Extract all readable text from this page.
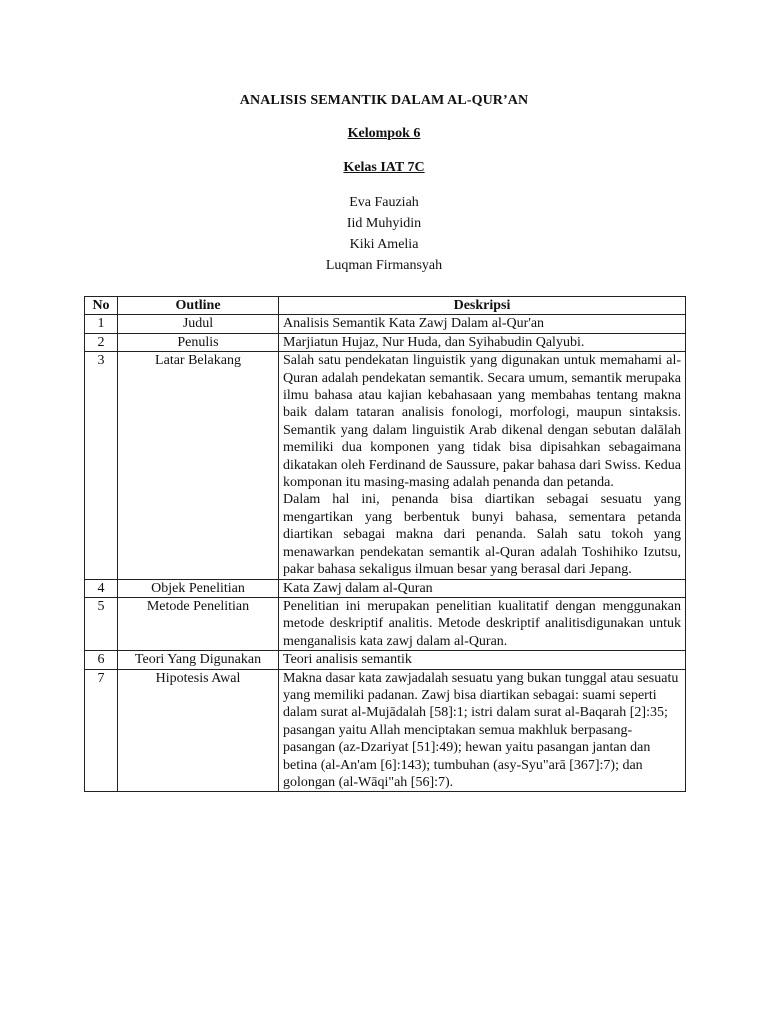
ANALISIS SEMANTIK DALAM AL-QUR’AN
Kelompok 6
Kelas IAT 7C
Eva Fauziah
Iid Muhyidin
Kiki Amelia
Luqman Firmansyah
No	Outline	Deskripsi
1	Judul	Analisis Semantik Kata Zawj Dalam al-Qur'an
2	Penulis	Marjiatun Hujaz, Nur Huda, dan Syihabudin Qalyubi.
3	Latar Belakang	Salah satu pendekatan linguistik yang digunakan untuk memahami al-Quran adalah pendekatan semantik. Secara umum, semantik merupaka ilmu bahasa atau kajian kebahasaan yang membahas tentang makna baik dalam tataran analisis fonologi, morfologi, maupun sintaksis. Semantik yang dalam linguistik Arab dikenal dengan sebutan dalālah memiliki dua komponen yang tidak bisa dipisahkan sebagaimana dikatakan oleh Ferdinand de Saussure, pakar bahasa dari Swiss. Kedua komponan itu masing-masing adalah penanda dan petanda.

Dalam hal ini, penanda bisa diartikan sebagai sesuatu yang mengartikan yang berbentuk bunyi bahasa, sementara petanda diartikan sebagai makna dari penanda. Salah satu tokoh yang menawarkan pendekatan semantik al-Quran adalah Toshihiko Izutsu, pakar bahasa sekaligus ilmuan besar yang berasal dari Jepang.

4	Objek Penelitian	Kata Zawj dalam al-Quran
5	Metode Penelitian	Penelitian ini merupakan penelitian kualitatif dengan menggunakan metode deskriptif analitis. Metode deskriptif analitisdigunakan untuk menganalisis kata zawj dalam al-Quran.

6	Teori Yang Digunakan	Teori analisis semantik
7	Hipotesis Awal	Makna dasar kata zawjadalah sesuatu yang bukan tunggal atau sesuatu yang memiliki padanan. Zawj bisa diartikan sebagai: suami seperti dalam surat al-Mujādalah [58]:1; istri dalam surat al-Baqarah [2]:35; pasangan yaitu Allah menciptakan semua makhluk berpasang-pasangan (az-Dzariyat [51]:49); hewan yaitu pasangan jantan dan betina (al-An'am [6]:143); tumbuhan (asy-Syu"arā [367]:7); dan golongan (al-Wāqi"ah [56]:7).
